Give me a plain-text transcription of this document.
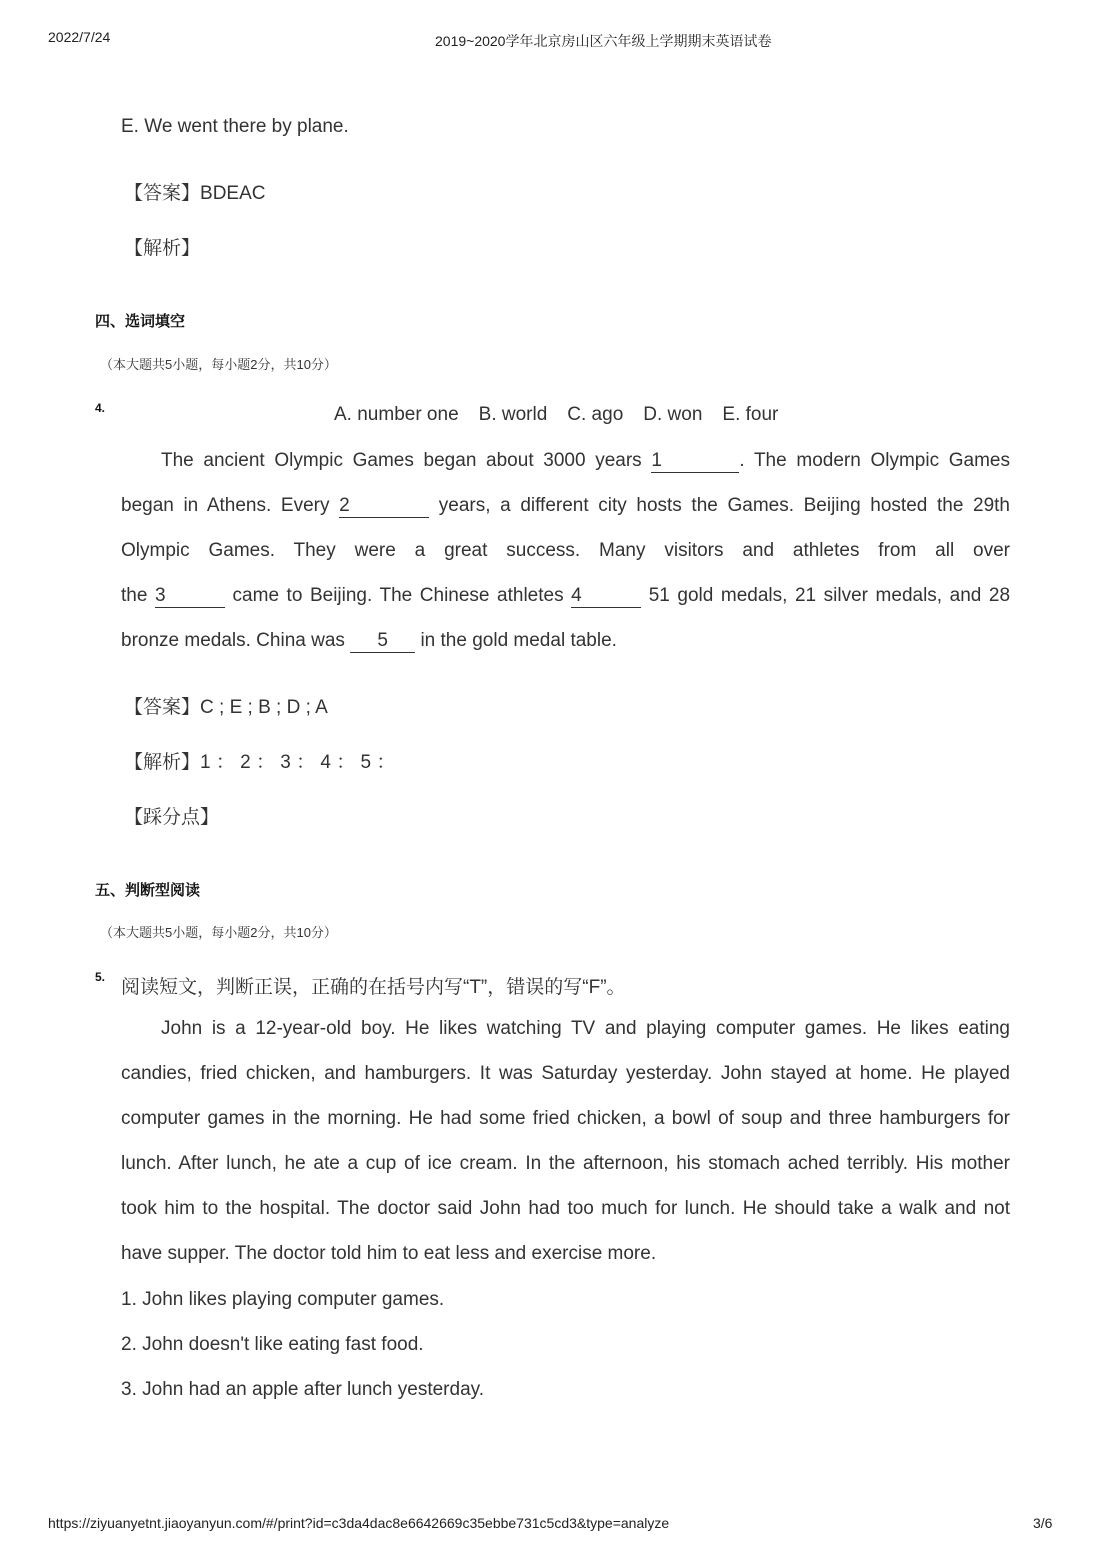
2022/7/24	2019~2020学年北京房山区六年级上学期期末英语试卷
E. We went there by plane.
【答案】BDEAC
【解析】
四、选词填空
（本大题共5小题，每小题2分，共10分）
4.	A. number one B. world C. ago D. won E. four
The ancient Olympic Games began about 3000 years 1	. The modern Olympic Games
began in Athens. Every 2	years, a different city hosts the Games. Beijing hosted the 29th
Olympic Games. They were a great success. Many visitors and athletes from all over
the 3	came to Beijing. The Chinese athletes 4	51 gold medals, 21 silver medals, and 28
bronze medals. China was 5 in the gold medal table.
【答案】C ; E ; B ; D ; A
【解析】1 ： 2 ： 3 ： 4 ： 5 ：
【踩分点】
五、判断型阅读
（本大题共5小题，每小题2分，共10分）
5. 阅读短文，判断正误，正确的在括号内写“T”，错误的写“F”。
John is a 12-year-old boy. He likes watching TV and playing computer games. He likes eating
candies, fried chicken, and hamburgers. It was Saturday yesterday. John stayed at home. He played
computer games in the morning. He had some fried chicken, a bowl of soup and three hamburgers for
lunch. After lunch, he ate a cup of ice cream. In the afternoon, his stomach ached terribly. His mother
took him to the hospital. The doctor said John had too much for lunch. He should take a walk and not
have supper. The doctor told him to eat less and exercise more.
1. John likes playing computer games.
2. John doesn't like eating fast food.
3. John had an apple after lunch yesterday.
https://ziyuanyetnt.jiaoyanyun.com/#/print?id=c3da4dac8e6642669c35ebbe731c5cd3&type=analyze	3/6
